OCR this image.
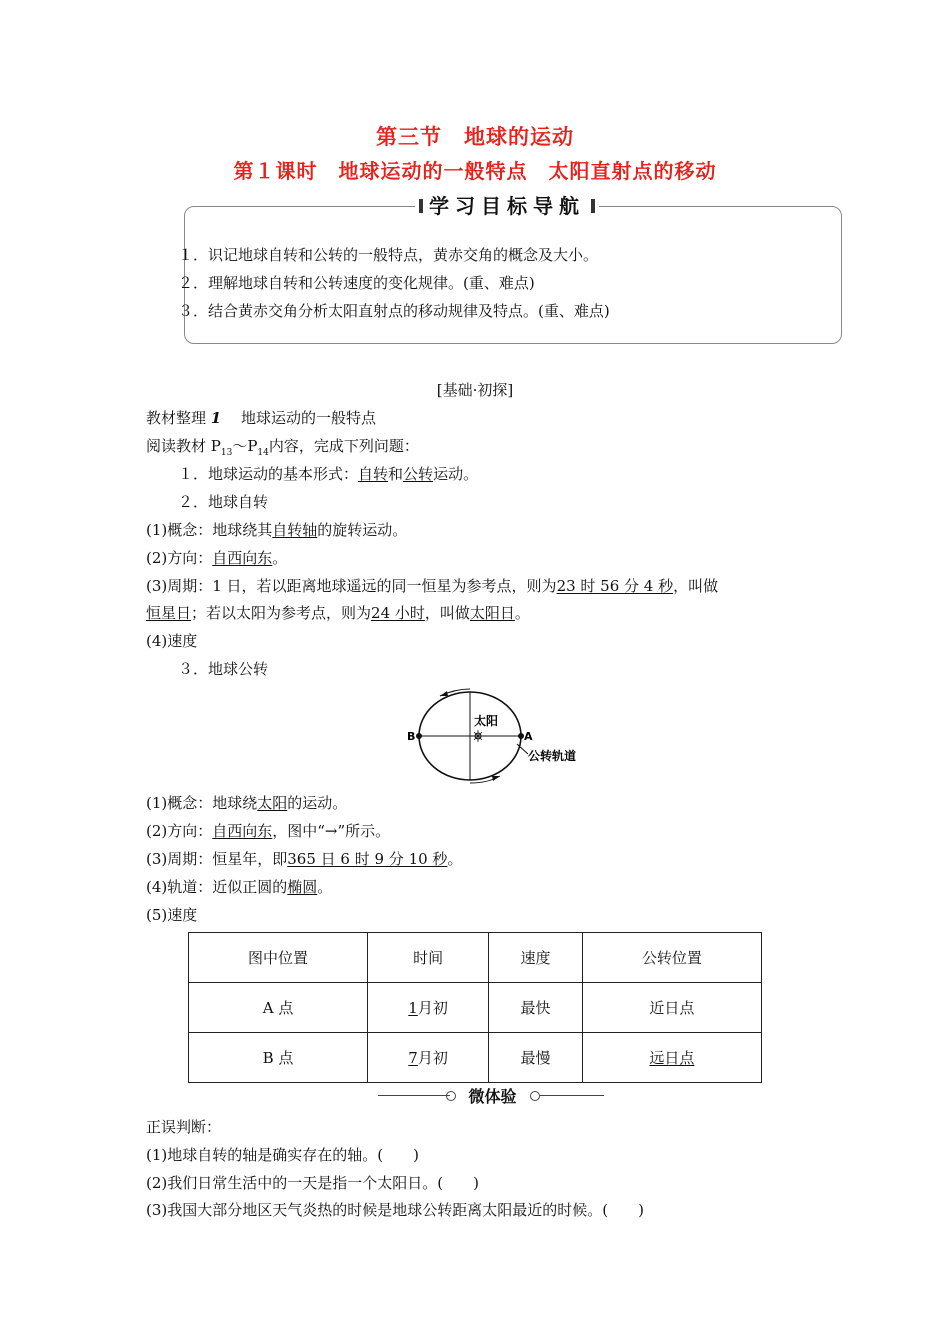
第三节　地球的运动
第１课时　地球运动的一般特点　太阳直射点的移动
学习目标导航
１．识记地球自转和公转的一般特点，黄赤交角的概念及大小。
２．理解地球自转和公转速度的变化规律。(重、难点)
３．结合黄赤交角分析太阳直射点的移动规律及特点。(重、难点)
[基础·初探]
教材整理 1　 地球运动的一般特点
阅读教材 $P_{13}\sim P_{14}$内容，完成下列问题：
１．地球运动的基本形式：自转和公转运动。
２．地球自转
(1)概念：地球绕其自转轴的旋转运动。
(2)方向：自西向东。
(3)周期：1 日，若以距离地球遥远的同一恒星为参考点，则为23 时 56 分 4 秒，叫做
恒星日；若以太阳为参考点，则为24 小时，叫做太阳日。
(4)速度
３．地球公转
太阳
B	A
公转轨道
(1)概念：地球绕太阳的运动。
(2)方向：自西向东，图中“→”所示。
(3)周期：恒星年，即365 日 6 时 9 分 10 秒。
(4)轨道：近似正圆的椭圆。
(5)速度
图中位置	时间	速度	公转位置
A 点	1月初	最快	近日点
B 点	7月初	最慢	远日点
微体验
正误判断：
(1)地球自转的轴是确实存在的轴。(　　)
(2)我们日常生活中的一天是指一个太阳日。(　　)
(3)我国大部分地区天气炎热的时候是地球公转距离太阳最近的时候。(　　)
